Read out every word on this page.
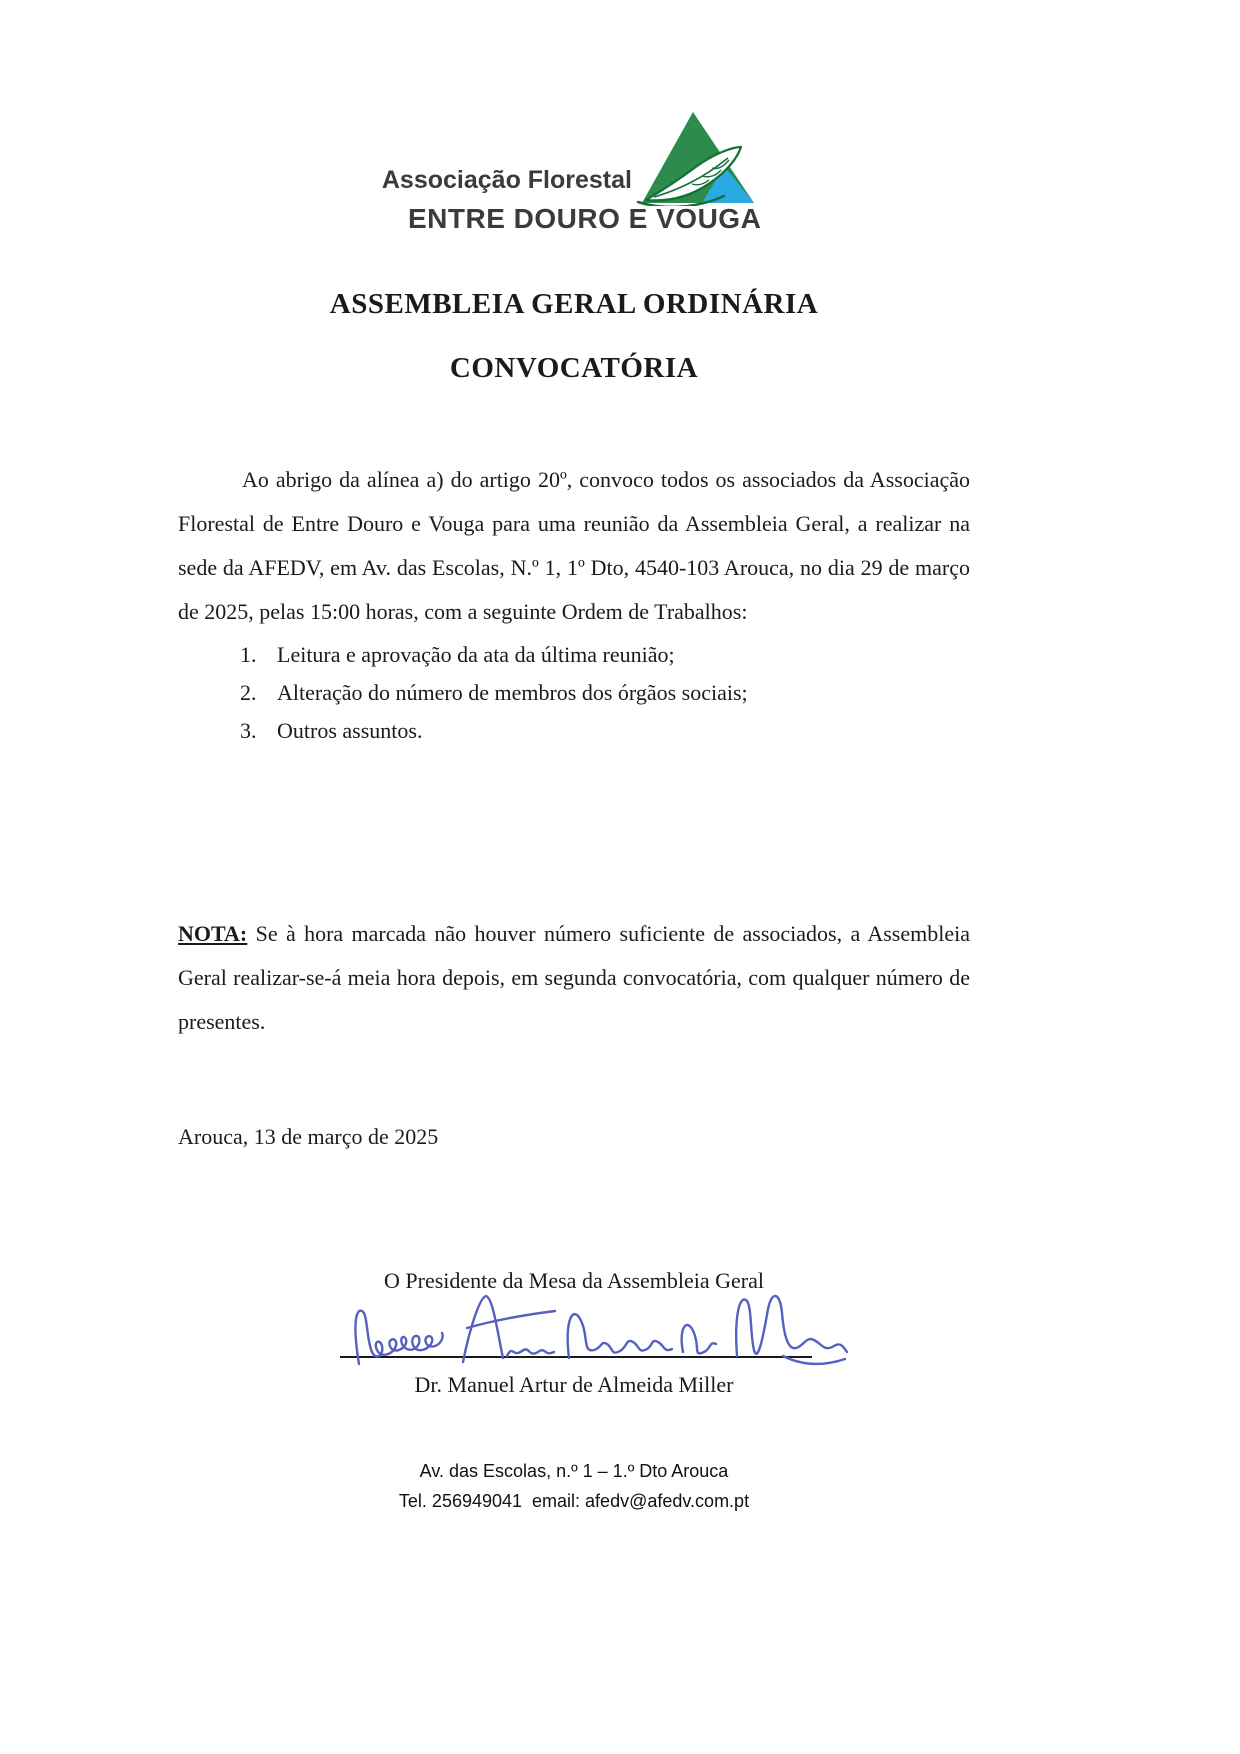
Associação Florestal
ENTRE DOURO E VOUGA
ASSEMBLEIA GERAL ORDINÁRIA
CONVOCATÓRIA
Ao abrigo da alínea a) do artigo 20º, convoco todos os associados da Associação Florestal de Entre Douro e Vouga para uma reunião da Assembleia Geral, a realizar na sede da AFEDV, em Av. das Escolas, N.º 1, 1º Dto, 4540-103 Arouca, no dia 29 de março de 2025, pelas 15:00 horas, com a seguinte Ordem de Trabalhos:
1. Leitura e aprovação da ata da última reunião;
2. Alteração do número de membros dos órgãos sociais;
3. Outros assuntos.
NOTA: Se à hora marcada não houver número suficiente de associados, a Assembleia Geral realizar-se-á meia hora depois, em segunda convocatória, com qualquer número de presentes.
Arouca, 13 de março de 2025
O Presidente da Mesa da Assembleia Geral
Dr. Manuel Artur de Almeida Miller
Av. das Escolas, n.º 1 – 1.º Dto Arouca
Tel. 256949041  email: afedv@afedv.com.pt
